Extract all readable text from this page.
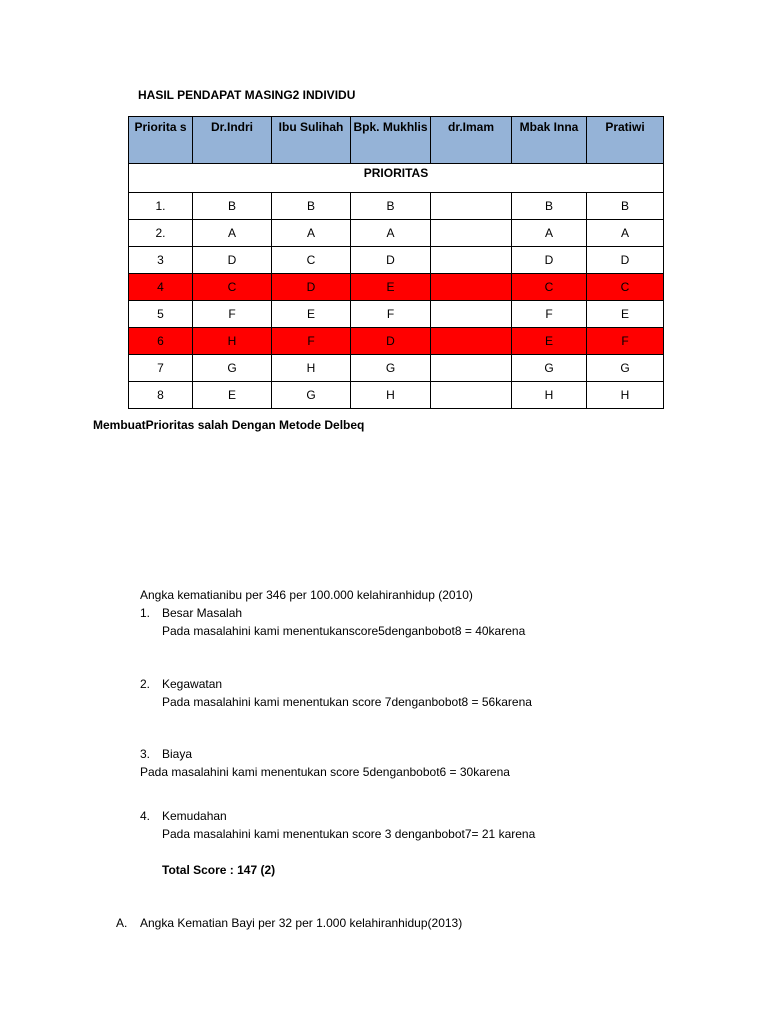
HASIL PENDAPAT MASING2 INDIVIDU
Priorita s	Dr.Indri	Ibu Sulihah	Bpk. Mukhlis	dr.Imam	Mbak Inna	Pratiwi
PRIORITAS						
1.	B	B	B		B	B
2.	A	A	A		A	A
3	D	C	D		D	D
4	C	D	E		C	C
5	F	E	F		F	E
6	H	F	D		E	F
7	G	H	G		G	G
8	E	G	H		H	H
MembuatPrioritas salah Dengan Metode Delbeq
Angka kematianibu per 346 per 100.000 kelahiranhidup (2010)
1. Besar Masalah
Pada masalahini kami menentukanscore5denganbobot8 = 40karena
2. Kegawatan
Pada masalahini kami menentukan score 7denganbobot8 = 56karena
3. Biaya
Pada masalahini kami menentukan score 5denganbobot6 = 30karena
4. Kemudahan
Pada masalahini kami menentukan score 3 denganbobot7= 21 karena
Total Score : 147 (2)
A. Angka Kematian Bayi per 32 per 1.000 kelahiranhidup(2013)
